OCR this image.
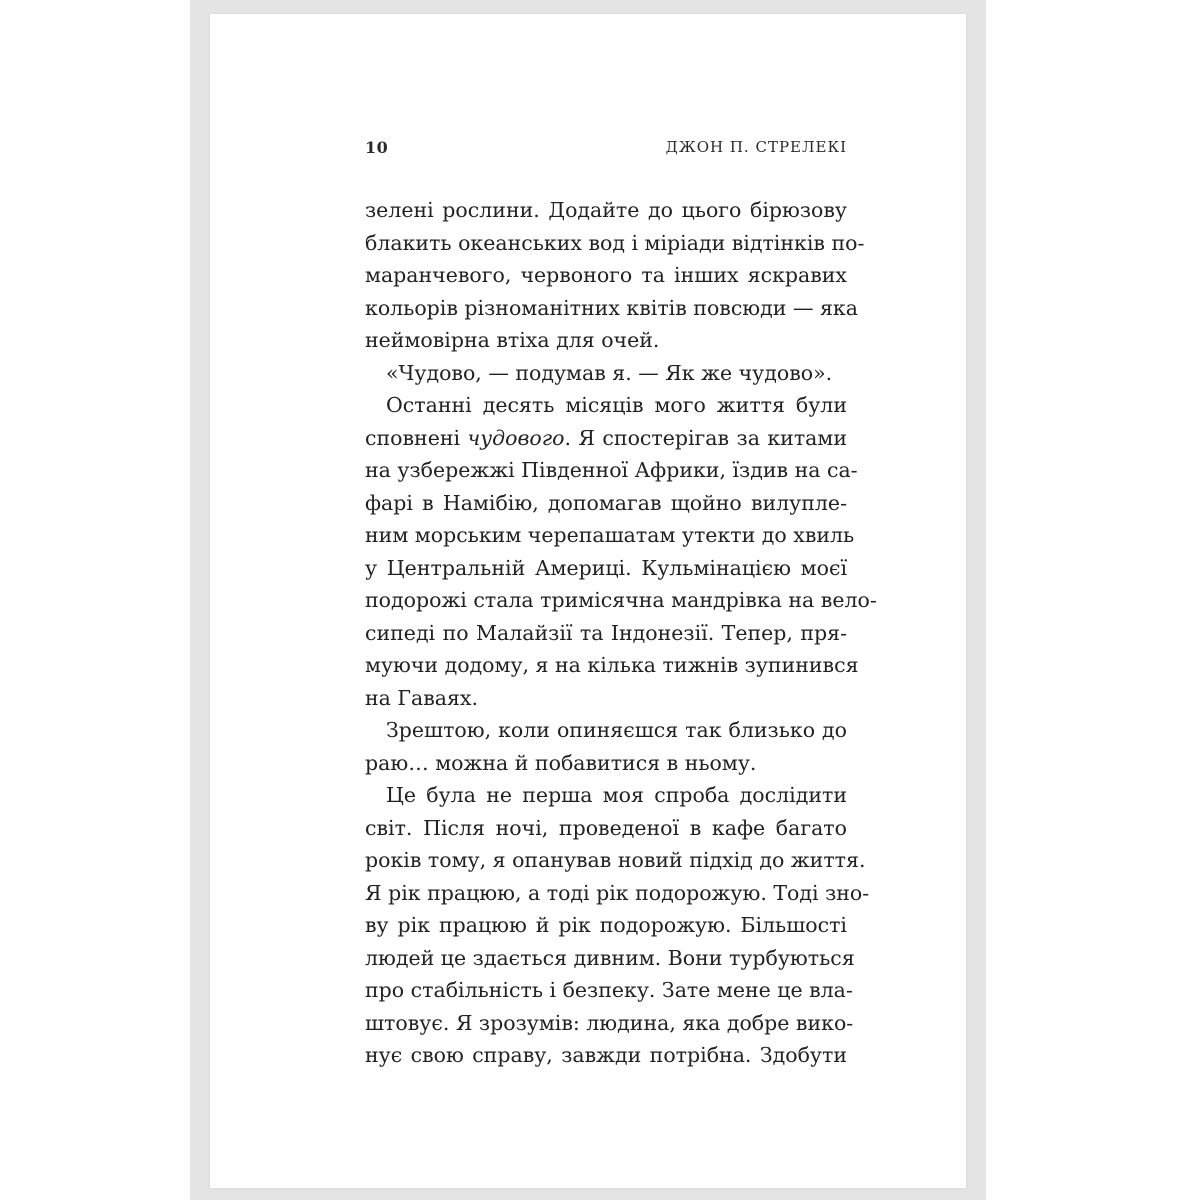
10	ДЖОН П. СТРЕЛЕКІ
зелені рослини. Додайте до цього бірюзову
блакить океанських вод і міріади відтінків по-
маранчевого, червоного та інших яскравих
кольорів різноманітних квітів повсюди — яка
неймовірна втіха для очей.
«Чудово, — подумав я. — Як же чудово».
Останні десять місяців мого життя були
сповнені чудового. Я спостерігав за китами
на узбережжі Південної Африки, їздив на са-
фарі в Намібію, допомагав щойно вилуплe-
ним морським черепашатам утекти до хвиль
у Центральній Америці. Кульмінацією моєї
подорожі стала тримісячна мандрівка на вело-
сипеді по Малайзії та Індонезії. Тепер, пря-
муючи додому, я на кілька тижнів зупинився
на Гаваях.
Зрештою, коли опиняєшся так близько до
раю… можна й побавитися в ньому.
Це була не перша моя спроба дослідити
світ. Після ночі, проведеної в кафе багато
років тому, я опанував новий підхід до життя.
Я рік працюю, а тоді рік подорожую. Тоді зно-
ву рік працюю й рік подорожую. Більшості
людей це здається дивним. Вони турбуються
про стабільність і безпеку. Зате мене це вла-
штовує. Я зрозумів: людина, яка добре вико-
нує свою справу, завжди потрібна. Здобути
